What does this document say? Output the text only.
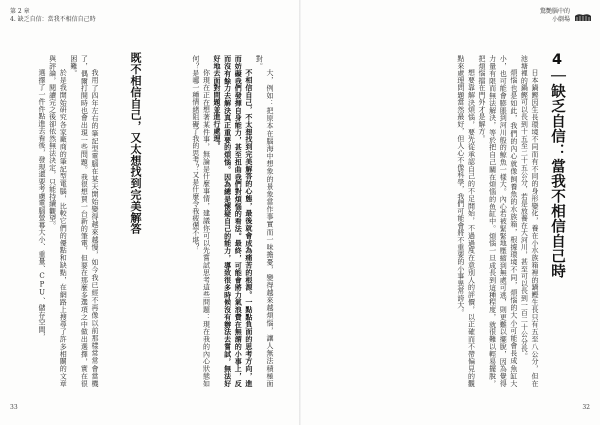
第 2 章
4. 缺乏自信：當我不相信自己時
驚艷腦中的
小劇場
4｜缺乏自信：當我不相信自己時

日本鍋鰹因生長環境不同而有不同的身形變化，養在小水族箱裡的鍋鰹生長只有五至八公分，但在池塘裡的鍋鰹可以長到十五至二十五公分，若是放養在大河川，甚至可以長到一百二十公分長。

煩惱也是如此，我們的內心就像飼養魚的水族箱，根據環境不同，煩惱的大小可能會長成魚缸大小，也可能會膨脹到河川般的鯨魚一樣大。內心若被緊緊地壓縮到無處可逃，則更難以擺脫，因為覺得力量有限而無法解決，等於把自己關在煩惱的鱼缸中。煩惱一旦成長到這種程度，就很難以輕易擺脫，把煩惱擋在門外才是解方。

想要靠解決煩惱，要先從承認自己的不足開始，不過過度在意別人的評價，以正確而不帶偏見的觀點來處理問題當然最好，但人心不像科學，我們可能會將不重要的小事異常誇大。

大，例如：把原本在腦海中想象的景象當作事實而一味擔憂，變得越來越煩惱，讓人無法積極面對。

不相信自己，不太想找到完美解答的心態，最後就會成為痛苦的根源。一點點負面的思考方向，進而妨礙我們發揮自身能力，甚至扭曲我們對煩惱的看法。最終，可能會將力氣浪費在無謂的小事上，反而沒有餘力去解決真正重要的煩惱。因為總是懷疑自己的能力，導致很多時候沒有辦法去嘗試，無法好好地去面對問題並進行處理。

你現在正在想著某件事，無論是什麼事情，建議你可以先嘗試思考這些問題：現在我的內心狀態如何？是哪一種情緒阻礙了我的思考？又是什麼令我疲憊不堪？

既不相信自己，又太想找到完美解答

我用了四年左右的筆記型電腦在某天開始變得越來越慢，如今我已經不再像以前那樣常常會當機了，偶爾打開時也會出現一些問題。我很想買一台新的筆電，但要在那麼多選項之中做出選擇，實在很困難。

於是我開始研究各家廠商的筆記型電腦，比較它們的優點和缺點，在網路上搜尋了許多相關的文章與評論，閱讀完之後卻依然無法決定，只能持續觀望。

選擇了一件件點進去看後，發現還要考慮電腦螢幕大小、重量、CPU、儲存空間，

33	32
